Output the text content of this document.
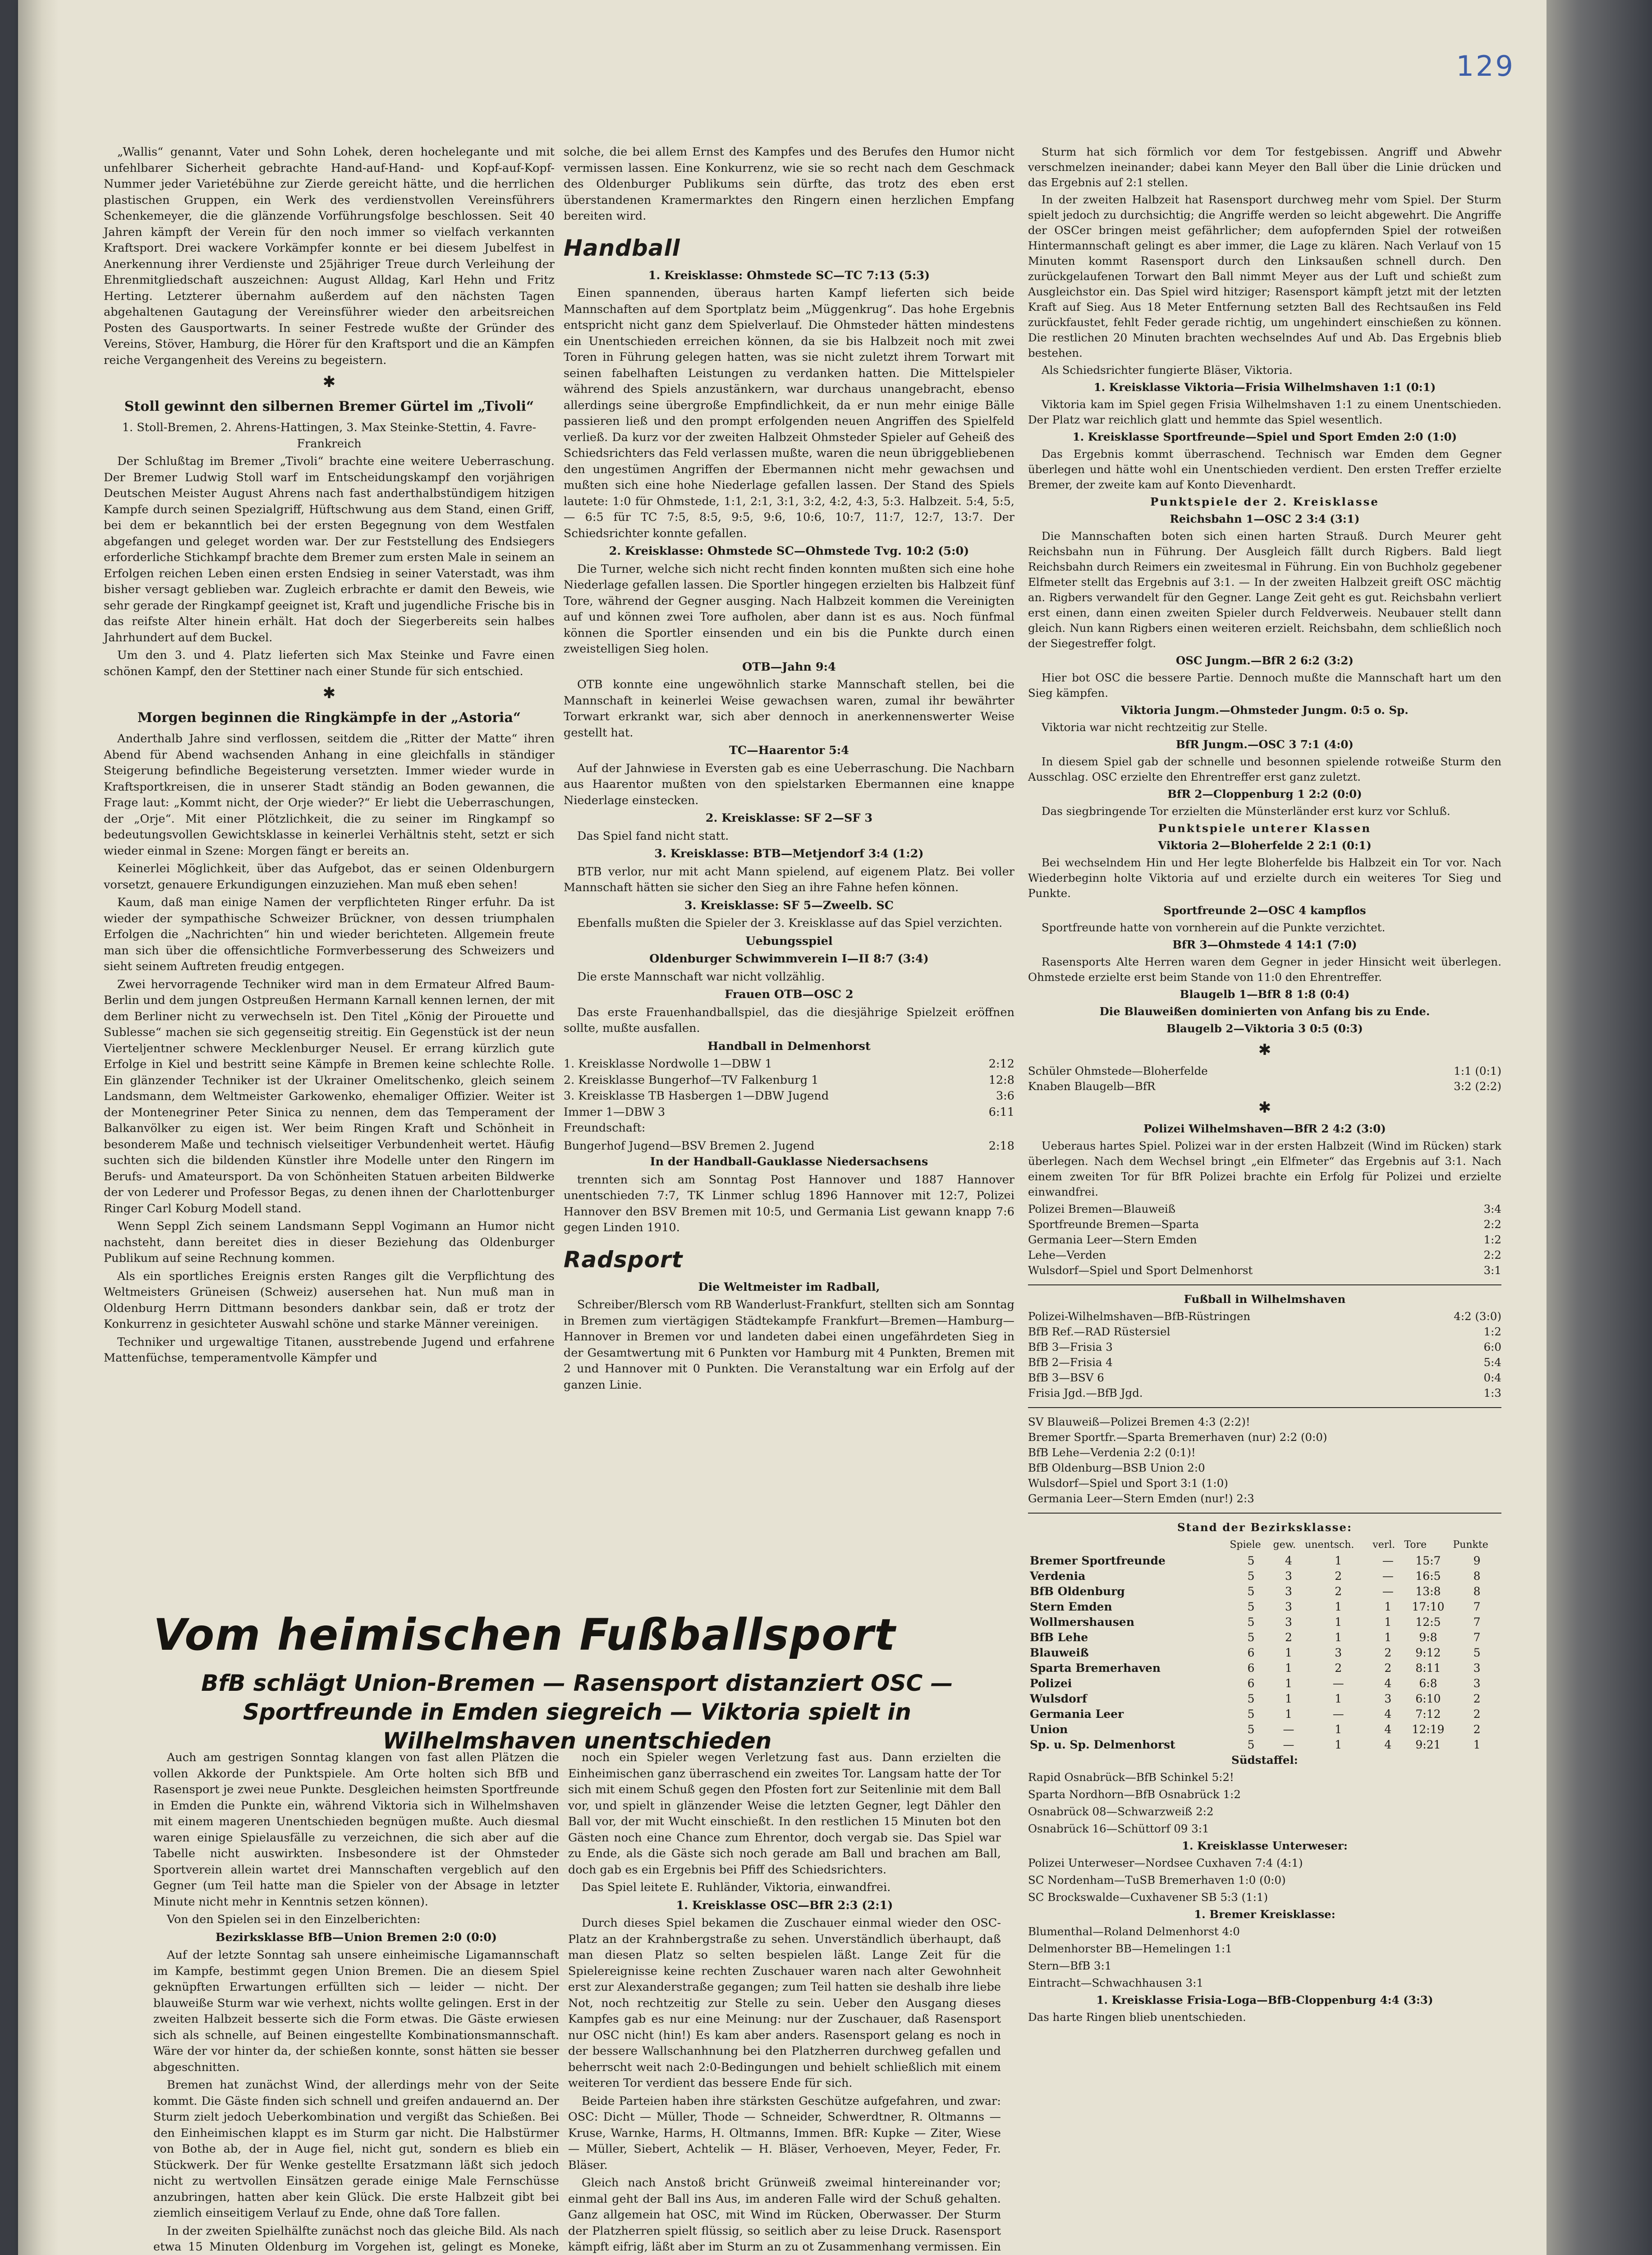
129

„Wallis“ genannt, Vater und Sohn Lohek, deren hochelegante und mit unfehlbarer Sicherheit gebrachte Hand-auf-Hand- und Kopf-auf-Kopf-Nummer jeder Varietébühne zur Zierde gereicht hätte, und die herrlichen plastischen Gruppen, ein Werk des verdienstvollen Vereinsführers Schenkemeyer, die die glänzende Vorführungsfolge beschlossen. Seit 40 Jahren kämpft der Verein für den noch immer so vielfach verkannten Kraftsport. Drei wackere Vorkämpfer konnte er bei diesem Jubelfest in Anerkennung ihrer Verdienste und 25jähriger Treue durch Verleihung der Ehrenmitgliedschaft auszeichnen: August Alldag, Karl Hehn und Fritz Herting. Letzterer übernahm außerdem auf den nächsten Tagen abgehaltenen Gautagung der Vereinsführer wieder den arbeitsreichen Posten des Gausportwarts. In seiner Festrede wußte der Gründer des Vereins, Stöver, Hamburg, die Hörer für den Kraftsport und die an Kämpfen reiche Vergangenheit des Vereins zu begeistern.

✱
Stoll gewinnt den silbernen Bremer Gürtel im „Tivoli“

1. Stoll-Bremen, 2. Ahrens-Hattingen, 3. Max Steinke-Stettin, 4. Favre-Frankreich

Der Schlußtag im Bremer „Tivoli“ brachte eine weitere Ueberraschung. Der Bremer Ludwig Stoll warf im Entscheidungskampf den vorjährigen Deutschen Meister August Ahrens nach fast anderthalbstündigem hitzigen Kampfe durch seinen Spezialgriff, Hüftschwung aus dem Stand, einen Griff, bei dem er bekanntlich bei der ersten Begegnung von dem Westfalen abgefangen und geleget worden war. Der zur Feststellung des Endsiegers erforderliche Stichkampf brachte dem Bremer zum ersten Male in seinem an Erfolgen reichen Leben einen ersten Endsieg in seiner Vaterstadt, was ihm bisher versagt geblieben war. Zugleich erbrachte er damit den Beweis, wie sehr gerade der Ringkampf geeignet ist, Kraft und jugendliche Frische bis in das reifste Alter hinein erhält. Hat doch der Siegerbereits sein halbes Jahrhundert auf dem Buckel.

Um den 3. und 4. Platz lieferten sich Max Steinke und Favre einen schönen Kampf, den der Stettiner nach einer Stunde für sich entschied.

✱
Morgen beginnen die Ringkämpfe in der „Astoria“

Anderthalb Jahre sind verflossen, seitdem die „Ritter der Matte“ ihren Abend für Abend wachsenden Anhang in eine gleichfalls in ständiger Steigerung befindliche Begeisterung versetzten. Immer wieder wurde in Kraftsportkreisen, die in unserer Stadt ständig an Boden gewannen, die Frage laut: „Kommt nicht, der Orje wieder?“ Er liebt die Ueberraschungen, der „Orje“. Mit einer Plötzlichkeit, die zu seiner im Ringkampf so bedeutungsvollen Gewichtsklasse in keinerlei Verhältnis steht, setzt er sich wieder einmal in Szene: Morgen fängt er bereits an.

Keinerlei Möglichkeit, über das Aufgebot, das er seinen Oldenburgern vorsetzt, genauere Erkundigungen einzuziehen. Man muß eben sehen!

Kaum, daß man einige Namen der verpflichteten Ringer erfuhr. Da ist wieder der sympathische Schweizer Brückner, von dessen triumphalen Erfolgen die „Nachrichten“ hin und wieder berichteten. Allgemein freute man sich über die offensichtliche Formverbesserung des Schweizers und sieht seinem Auftreten freudig entgegen.

Zwei hervorragende Techniker wird man in dem Ermateur Alfred Baum-Berlin und dem jungen Ostpreußen Hermann Karnall kennen lernen, der mit dem Berliner nicht zu verwechseln ist. Den Titel „König der Pirouette und Sublesse“ machen sie sich gegenseitig streitig. Ein Gegenstück ist der neun Vierteljentner schwere Mecklenburger Neusel. Er errang kürzlich gute Erfolge in Kiel und bestritt seine Kämpfe in Bremen keine schlechte Rolle. Ein glänzender Techniker ist der Ukrainer Omelitschenko, gleich seinem Landsmann, dem Weltmeister Garkowenko, ehemaliger Offizier. Weiter ist der Montenegriner Peter Sinica zu nennen, dem das Temperament der Balkanvölker zu eigen ist. Wer beim Ringen Kraft und Schönheit in besonderem Maße und technisch vielseitiger Verbundenheit wertet. Häufig suchten sich die bildenden Künstler ihre Modelle unter den Ringern im Berufs- und Amateursport. Da von Schönheiten Statuen arbeiten Bildwerke der von Lederer und Professor Begas, zu denen ihnen der Charlottenburger Ringer Carl Koburg Modell stand.

Wenn Seppl Zich seinem Landsmann Seppl Vogimann an Humor nicht nachsteht, dann bereitet dies in dieser Beziehung das Oldenburger Publikum auf seine Rechnung kommen.

Als ein sportliches Ereignis ersten Ranges gilt die Verpflichtung des Weltmeisters Grüneisen (Schweiz) ausersehen hat. Nun muß man in Oldenburg Herrn Dittmann besonders dankbar sein, daß er trotz der Konkurrenz in gesichteter Auswahl schöne und starke Männer vereinigen.

Techniker und urgewaltige Titanen, ausstrebende Jugend und erfahrene Mattenfüchse, temperamentvolle Kämpfer und

solche, die bei allem Ernst des Kampfes und des Berufes den Humor nicht vermissen lassen. Eine Konkurrenz, wie sie so recht nach dem Geschmack des Oldenburger Publikums sein dürfte, das trotz des eben erst überstandenen Kramermarktes den Ringern einen herzlichen Empfang bereiten wird.

Handball

1. Kreisklasse: Ohmstede SC—TC 7:13 (5:3)

Einen spannenden, überaus harten Kampf lieferten sich beide Mannschaften auf dem Sportplatz beim „Müggenkrug“. Das hohe Ergebnis entspricht nicht ganz dem Spielverlauf. Die Ohmsteder hätten mindestens ein Unentschieden erreichen können, da sie bis Halbzeit noch mit zwei Toren in Führung gelegen hatten, was sie nicht zuletzt ihrem Torwart mit seinen fabelhaften Leistungen zu verdanken hatten. Die Mittelspieler während des Spiels anzustänkern, war durchaus unangebracht, ebenso allerdings seine übergroße Empfindlichkeit, da er nun mehr einige Bälle passieren ließ und den prompt erfolgenden neuen Angriffen des Spielfeld verließ. Da kurz vor der zweiten Halbzeit Ohmsteder Spieler auf Geheiß des Schiedsrichters das Feld verlassen mußte, waren die neun übriggebliebenen den ungestümen Angriffen der Ebermannen nicht mehr gewachsen und mußten sich eine hohe Niederlage gefallen lassen. Der Stand des Spiels lautete: 1:0 für Ohmstede, 1:1, 2:1, 3:1, 3:2, 4:2, 4:3, 5:3. Halbzeit. 5:4, 5:5, — 6:5 für TC 7:5, 8:5, 9:5, 9:6, 10:6, 10:7, 11:7, 12:7, 13:7. Der Schiedsrichter konnte gefallen.

2. Kreisklasse: Ohmstede SC—Ohmstede Tvg. 10:2 (5:0)

Die Turner, welche sich nicht recht finden konnten mußten sich eine hohe Niederlage gefallen lassen. Die Sportler hingegen erzielten bis Halbzeit fünf Tore, während der Gegner ausging. Nach Halbzeit kommen die Vereinigten auf und können zwei Tore aufholen, aber dann ist es aus. Noch fünfmal können die Sportler einsenden und ein bis die Punkte durch einen zweistelligen Sieg holen.

OTB—Jahn 9:4

OTB konnte eine ungewöhnlich starke Mannschaft stellen, bei die Mannschaft in keinerlei Weise gewachsen waren, zumal ihr bewährter Torwart erkrankt war, sich aber dennoch in anerkennenswerter Weise gestellt hat.

TC—Haarentor 5:4

Auf der Jahnwiese in Eversten gab es eine Ueberraschung. Die Nachbarn aus Haarentor mußten von den spielstarken Ebermannen eine knappe Niederlage einstecken.

2. Kreisklasse: SF 2—SF 3

Das Spiel fand nicht statt.

3. Kreisklasse: BTB—Metjendorf 3:4 (1:2)

BTB verlor, nur mit acht Mann spielend, auf eigenem Platz. Bei voller Mannschaft hätten sie sicher den Sieg an ihre Fahne hefen können.

3. Kreisklasse: SF 5—Zweelb. SC

Ebenfalls mußten die Spieler der 3. Kreisklasse auf das Spiel verzichten.

Uebungsspiel

Oldenburger Schwimmverein I—II 8:7 (3:4)

Die erste Mannschaft war nicht vollzählig.

Frauen OTB—OSC 2

Das erste Frauenhandballspiel, das die diesjährige Spielzeit eröffnen sollte, mußte ausfallen.

Handball in Delmenhorst

1. Kreisklasse Nordwolle 1—DBW 1	2:12
2. Kreisklasse Bungerhof—TV Falkenburg 1	12:8
3. Kreisklasse TB Hasbergen 1—DBW Jugend	3:6
Immer 1—DBW 3	6:11

Freundschaft:

Bungerhof Jugend—BSV Bremen 2. Jugend	2:18

In der Handball-Gauklasse Niedersachsens

trennten sich am Sonntag Post Hannover und 1887 Hannover unentschieden 7:7, TK Linmer schlug 1896 Hannover mit 12:7, Polizei Hannover den BSV Bremen mit 10:5, und Germania List gewann knapp 7:6 gegen Linden 1910.

Radsport

Die Weltmeister im Radball,

Schreiber/Blersch vom RB Wanderlust-Frankfurt, stellten sich am Sonntag in Bremen zum viertägigen Städtekampfe Frankfurt—Bremen—Hamburg—Hannover in Bremen vor und landeten dabei einen ungefährdeten Sieg in der Gesamtwertung mit 6 Punkten vor Hamburg mit 4 Punkten, Bremen mit 2 und Hannover mit 0 Punkten. Die Veranstaltung war ein Erfolg auf der ganzen Linie.

Sturm hat sich förmlich vor dem Tor festgebissen. Angriff und Abwehr verschmelzen ineinander; dabei kann Meyer den Ball über die Linie drücken und das Ergebnis auf 2:1 stellen.

In der zweiten Halbzeit hat Rasensport durchweg mehr vom Spiel. Der Sturm spielt jedoch zu durchsichtig; die Angriffe werden so leicht abgewehrt. Die Angriffe der OSCer bringen meist gefährlicher; dem aufopfernden Spiel der rotweißen Hintermannschaft gelingt es aber immer, die Lage zu klären. Nach Verlauf von 15 Minuten kommt Rasensport durch den Linksaußen schnell durch. Den zurückgelaufenen Torwart den Ball nimmt Meyer aus der Luft und schießt zum Ausgleichstor ein. Das Spiel wird hitziger; Rasensport kämpft jetzt mit der letzten Kraft auf Sieg. Aus 18 Meter Entfernung setzten Ball des Rechtsaußen ins Feld zurückfaustet, fehlt Feder gerade richtig, um ungehindert einschießen zu können. Die restlichen 20 Minuten brachten wechselndes Auf und Ab. Das Ergebnis blieb bestehen.

Als Schiedsrichter fungierte Bläser, Viktoria.

1. Kreisklasse Viktoria—Frisia Wilhelmshaven 1:1 (0:1)

Viktoria kam im Spiel gegen Frisia Wilhelmshaven 1:1 zu einem Unentschieden. Der Platz war reichlich glatt und hemmte das Spiel wesentlich.

1. Kreisklasse Sportfreunde—Spiel und Sport Emden 2:0 (1:0)

Das Ergebnis kommt überraschend. Technisch war Emden dem Gegner überlegen und hätte wohl ein Unentschieden verdient. Den ersten Treffer erzielte Bremer, der zweite kam auf Konto Dievenhardt.

Punktspiele der 2. Kreisklasse

Reichsbahn 1—OSC 2 3:4 (3:1)

Die Mannschaften boten sich einen harten Strauß. Durch Meurer geht Reichsbahn nun in Führung. Der Ausgleich fällt durch Rigbers. Bald liegt Reichsbahn durch Reimers ein zweitesmal in Führung. Ein von Buchholz gegebener Elfmeter stellt das Ergebnis auf 3:1. — In der zweiten Halbzeit greift OSC mächtig an. Rigbers verwandelt für den Gegner. Lange Zeit geht es gut. Reichsbahn verliert erst einen, dann einen zweiten Spieler durch Feldverweis. Neubauer stellt dann gleich. Nun kann Rigbers einen weiteren erzielt. Reichsbahn, dem schließlich noch der Siegestreffer folgt.

OSC Jungm.—BfR 2 6:2 (3:2)

Hier bot OSC die bessere Partie. Dennoch mußte die Mannschaft hart um den Sieg kämpfen.

Viktoria Jungm.—Ohmsteder Jungm. 0:5 o. Sp.

Viktoria war nicht rechtzeitig zur Stelle.

BfR Jungm.—OSC 3 7:1 (4:0)

In diesem Spiel gab der schnelle und besonnen spielende rotweiße Sturm den Ausschlag. OSC erzielte den Ehrentreffer erst ganz zuletzt.

BfR 2—Cloppenburg 1 2:2 (0:0)

Das siegbringende Tor erzielten die Münsterländer erst kurz vor Schluß.

Punktspiele unterer Klassen

Viktoria 2—Bloherfelde 2 2:1 (0:1)

Bei wechselndem Hin und Her legte Bloherfelde bis Halbzeit ein Tor vor. Nach Wiederbeginn holte Viktoria auf und erzielte durch ein weiteres Tor Sieg und Punkte.

Sportfreunde 2—OSC 4 kampflos

Sportfreunde hatte von vornherein auf die Punkte verzichtet.

BfR 3—Ohmstede 4 14:1 (7:0)

Rasensports Alte Herren waren dem Gegner in jeder Hinsicht weit überlegen. Ohmstede erzielte erst beim Stande von 11:0 den Ehrentreffer.

Blaugelb 1—BfR 8 1:8 (0:4)

Die Blauweißen dominierten von Anfang bis zu Ende.

Blaugelb 2—Viktoria 3 0:5 (0:3)

✱
Schüler Ohmstede—Bloherfelde	1:1 (0:1)
Knaben Blaugelb—BfR	3:2 (2:2)
✱

Polizei Wilhelmshaven—BfR 2 4:2 (3:0)

Ueberaus hartes Spiel. Polizei war in der ersten Halbzeit (Wind im Rücken) stark überlegen. Nach dem Wechsel bringt „ein Elfmeter“ das Ergebnis auf 3:1. Nach einem zweiten Tor für BfR Polizei brachte ein Erfolg für Polizei und erzielte einwandfrei.

Polizei Bremen—Blauweiß	3:4
Sportfreunde Bremen—Sparta	2:2
Germania Leer—Stern Emden	1:2
Lehe—Verden	2:2
Wulsdorf—Spiel und Sport Delmenhorst	3:1

Fußball in Wilhelmshaven

Polizei-Wilhelmshaven—BfB-Rüstringen	4:2 (3:0)
BfB Ref.—RAD Rüstersiel	1:2
BfB 3—Frisia 3	6:0
BfB 2—Frisia 4	5:4
BfB 3—BSV 6	0:4
Frisia Jgd.—BfB Jgd.	1:3
SV Blauweiß—Polizei Bremen 4:3 (2:2)!
Bremer Sportfr.—Sparta Bremerhaven (nur) 2:2 (0:0)
BfB Lehe—Verdenia 2:2 (0:1)!
BfB Oldenburg—BSB Union 2:0
Wulsdorf—Spiel und Sport 3:1 (1:0)
Germania Leer—Stern Emden (nur!) 2:3

Stand der Bezirksklasse:

	Spiele	gew.	unentsch.	verl.	Tore	Punkte
Bremer Sportfreunde	5	4	1	—	15:7	9
Verdenia	5	3	2	—	16:5	8
BfB Oldenburg	5	3	2	—	13:8	8
Stern Emden	5	3	1	1	17:10	7
Wollmershausen	5	3	1	1	12:5	7
BfB Lehe	5	2	1	1	9:8	7
Blauweiß	6	1	3	2	9:12	5
Sparta Bremerhaven	6	1	2	2	8:11	3
Polizei	6	1	—	4	6:8	3
Wulsdorf	5	1	1	3	6:10	2
Germania Leer	5	1	—	4	7:12	2
Union	5	—	1	4	12:19	2
Sp. u. Sp. Delmenhorst	5	—	1	4	9:21	1

Südstaffel:

Rapid Osnabrück—BfB Schinkel 5:2!

Sparta Nordhorn—BfB Osnabrück 1:2

Osnabrück 08—Schwarzweiß 2:2

Osnabrück 16—Schüttorf 09 3:1

1. Kreisklasse Unterweser:

Polizei Unterweser—Nordsee Cuxhaven 7:4 (4:1)

SC Nordenham—TuSB Bremerhaven 1:0 (0:0)

SC Brockswalde—Cuxhavener SB 5:3 (1:1)

1. Bremer Kreisklasse:

Blumenthal—Roland Delmenhorst 4:0

Delmenhorster BB—Hemelingen 1:1

Stern—BfB 3:1

Eintracht—Schwachhausen 3:1

1. Kreisklasse Frisia-Loga—BfB-Cloppenburg 4:4 (3:3)

Das harte Ringen blieb unentschieden.

Vom heimischen Fußballsport
BfB schlägt Union-Bremen — Rasensport distanziert OSC — Sportfreunde in Emden siegreich — Viktoria spielt in Wilhelmshaven unentschieden

Auch am gestrigen Sonntag klangen von fast allen Plätzen die vollen Akkorde der Punktspiele. Am Orte holten sich BfB und Rasensport je zwei neue Punkte. Desgleichen heimsten Sportfreunde in Emden die Punkte ein, während Viktoria sich in Wilhelmshaven mit einem mageren Unentschieden begnügen mußte. Auch diesmal waren einige Spielausfälle zu verzeichnen, die sich aber auf die Tabelle nicht auswirkten. Insbesondere ist der Ohmsteder Sportverein allein wartet drei Mannschaften vergeblich auf den Gegner (um Teil hatte man die Spieler von der Absage in letzter Minute nicht mehr in Kenntnis setzen können).

Von den Spielen sei in den Einzelberichten:

Bezirksklasse BfB—Union Bremen 2:0 (0:0)

Auf der letzte Sonntag sah unsere einheimische Ligamannschaft im Kampfe, bestimmt gegen Union Bremen. Die an diesem Spiel geknüpften Erwartungen erfüllten sich — leider — nicht. Der blauweiße Sturm war wie verhext, nichts wollte gelingen. Erst in der zweiten Halbzeit besserte sich die Form etwas. Die Gäste erwiesen sich als schnelle, auf Beinen eingestellte Kombinationsmannschaft. Wäre der vor hinter da, der schießen konnte, sonst hätten sie besser abgeschnitten.

Bremen hat zunächst Wind, der allerdings mehr von der Seite kommt. Die Gäste finden sich schnell und greifen andauernd an. Der Sturm zielt jedoch Ueberkombination und vergißt das Schießen. Bei den Einheimischen klappt es im Sturm gar nicht. Die Halbstürmer von Bothe ab, der in Auge fiel, nicht gut, sondern es blieb ein Stückwerk. Der für Wenke gestellte Ersatzmann läßt sich jedoch nicht zu wertvollen Einsätzen gerade einige Male Fernschüsse anzubringen, hatten aber kein Glück. Die erste Halbzeit gibt bei ziemlich einseitigem Verlauf zu Ende, ohne daß Tore fallen.

In der zweiten Spielhälfte zunächst noch das gleiche Bild. Als nach etwa 15 Minuten Oldenburg im Vorgehen ist, gelingt es Moneke,

noch ein Spieler wegen Verletzung fast aus. Dann erzielten die Einheimischen ganz überraschend ein zweites Tor. Langsam hatte der Tor sich mit einem Schuß gegen den Pfosten fort zur Seitenlinie mit dem Ball vor, und spielt in glänzender Weise die letzten Gegner, legt Dähler den Ball vor, der mit Wucht einschießt. In den restlichen 15 Minuten bot den Gästen noch eine Chance zum Ehrentor, doch vergab sie. Das Spiel war zu Ende, als die Gäste sich noch gerade am Ball und brachen am Ball, doch gab es ein Ergebnis bei Pfiff des Schiedsrichters.

Das Spiel leitete E. Ruhländer, Viktoria, einwandfrei.

1. Kreisklasse OSC—BfR 2:3 (2:1)

Durch dieses Spiel bekamen die Zuschauer einmal wieder den OSC-Platz an der Krahnbergstraße zu sehen. Unverständlich überhaupt, daß man diesen Platz so selten bespielen läßt. Lange Zeit für die Spielereignisse keine rechten Zuschauer waren nach alter Gewohnheit erst zur Alexanderstraße gegangen; zum Teil hatten sie deshalb ihre liebe Not, noch rechtzeitig zur Stelle zu sein. Ueber den Ausgang dieses Kampfes gab es nur eine Meinung: nur der Zuschauer, daß Rasensport nur OSC nicht (hin!) Es kam aber anders. Rasensport gelang es noch in der bessere Wallschanhnung bei den Platzherren durchweg gefallen und beherrscht weit nach 2:0-Bedingungen und behielt schließlich mit einem weiteren Tor verdient das bessere Ende für sich.

Beide Parteien haben ihre stärksten Geschütze aufgefahren, und zwar: OSC: Dicht — Müller, Thode — Schneider, Schwerdtner, R. Oltmanns — Kruse, Warnke, Harms, H. Oltmanns, Immen. BfR: Kupke — Ziter, Wiese — Müller, Siebert, Achtelik — H. Bläser, Verhoeven, Meyer, Feder, Fr. Bläser.

Gleich nach Anstoß bricht Grünweiß zweimal hintereinander vor; einmal geht der Ball ins Aus, im anderen Falle wird der Schuß gehalten. Ganz allgemein hat OSC, mit Wind im Rücken, Oberwasser. Der Sturm der Platzherren spielt flüssig, so seitlich aber zu leise Druck. Rasensport kämpft eifrig, läßt aber im Sturm an zu ot Zusammenhang vermissen. Ein
